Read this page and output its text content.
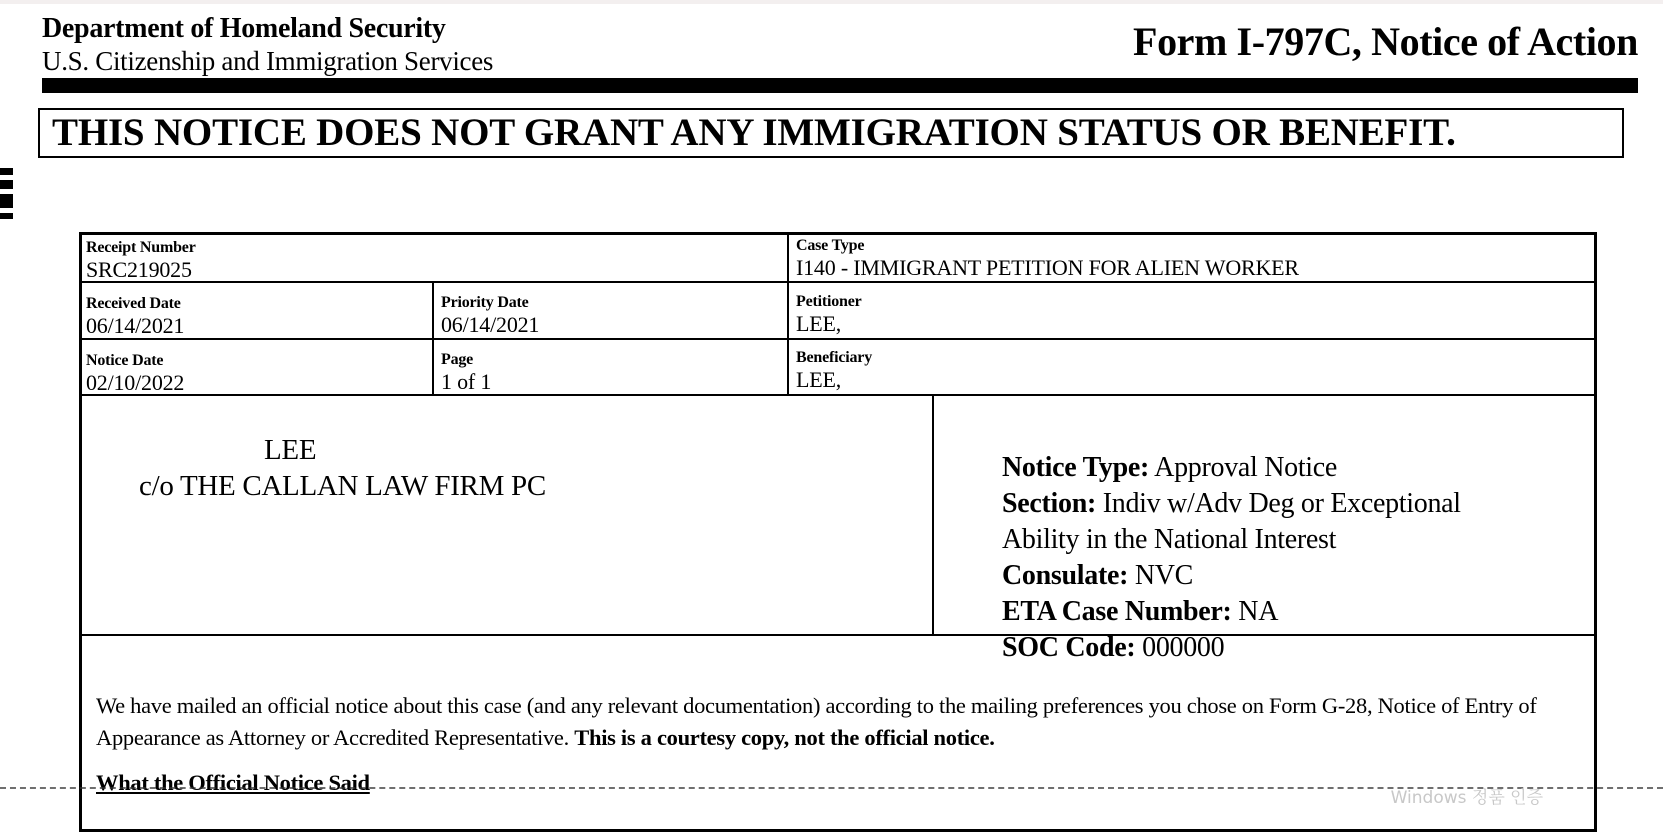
Department of Homeland Security
U.S. Citizenship and Immigration Services	Form I-797C, Notice of Action
THIS NOTICE DOES NOT GRANT ANY IMMIGRATION STATUS OR BENEFIT.
Receipt Number
SRC219025
Case Type
I140 - IMMIGRANT PETITION FOR ALIEN WORKER
Received Date
06/14/2021
Priority Date
06/14/2021
Petitioner
LEE,
Notice Date
02/10/2022
Page
1 of 1
Beneficiary
LEE,
LEE
c/o THE CALLAN LAW FIRM PC
Notice Type: Approval Notice
Section: Indiv w/Adv Deg or Exceptional
Ability in the National Interest
Consulate: NVC
ETA Case Number: NA
SOC Code: 000000
We have mailed an official notice about this case (and any relevant documentation) according to the mailing preferences you chose on Form G-28, Notice of Entry of Appearance as Attorney or Accredited Representative. This is a courtesy copy, not the official notice.
What the Official Notice Said
Windows 정품 인증
